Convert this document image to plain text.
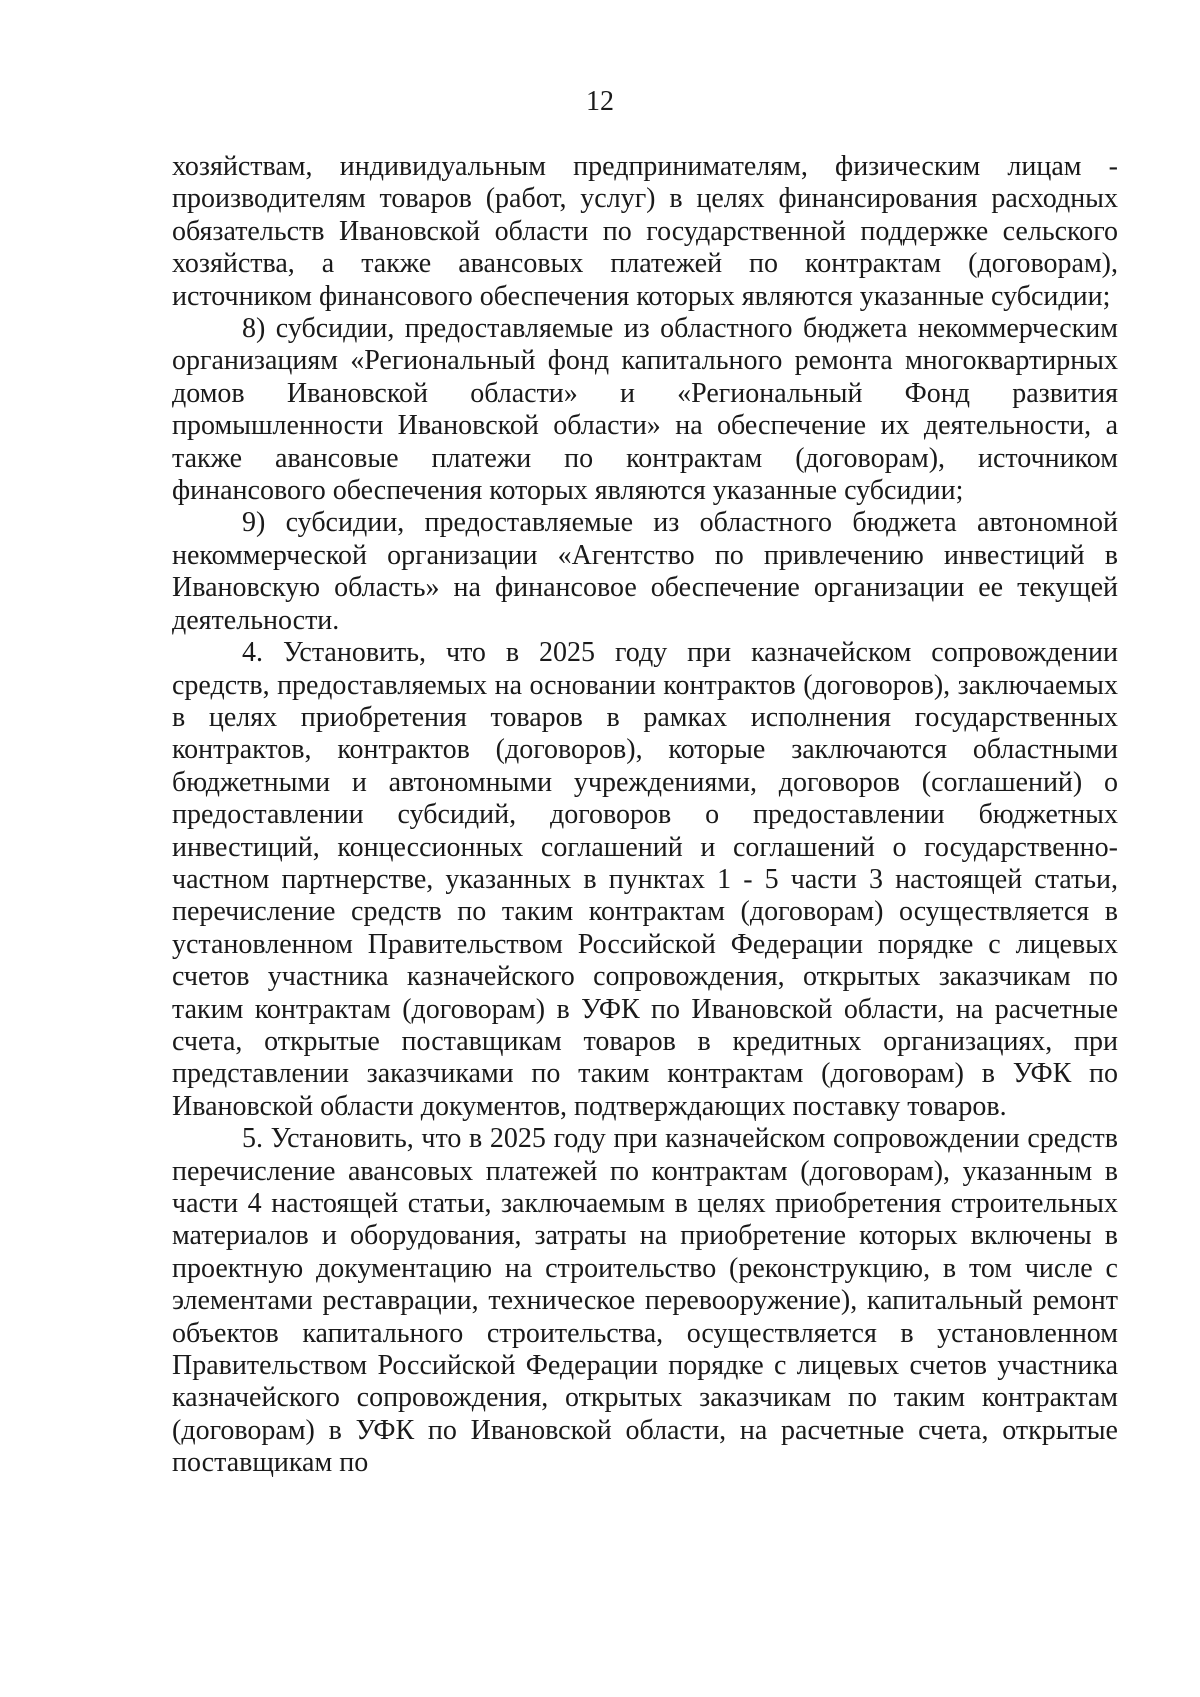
12

хозяйствам, индивидуальным предпринимателям, физическим лицам - производителям товаров (работ, услуг) в целях финансирования расходных обязательств Ивановской области по государственной поддержке сельского хозяйства, а также авансовых платежей по контрактам (договорам), источником финансового обеспечения которых являются указанные субсидии;

8) субсидии, предоставляемые из областного бюджета некоммерческим организациям «Региональный фонд капитального ремонта многоквартирных домов Ивановской области» и «Региональный Фонд развития промышленности Ивановской области» на обеспечение их деятельности, а также авансовые платежи по контрактам (договорам), источником финансового обеспечения которых являются указанные субсидии;

9) субсидии, предоставляемые из областного бюджета автономной некоммерческой организации «Агентство по привлечению инвестиций в Ивановскую область» на финансовое обеспечение организации ее текущей деятельности.

4. Установить, что в 2025 году при казначейском сопровождении средств, предоставляемых на основании контрактов (договоров), заключаемых в целях приобретения товаров в рамках исполнения государственных контрактов, контрактов (договоров), которые заключаются областными бюджетными и автономными учреждениями, договоров (соглашений) о предоставлении субсидий, договоров о предоставлении бюджетных инвестиций, концессионных соглашений и соглашений о государственно-частном партнерстве, указанных в пунктах 1 - 5 части 3 настоящей статьи, перечисление средств по таким контрактам (договорам) осуществляется в установленном Правительством Российской Федерации порядке с лицевых счетов участника казначейского сопровождения, открытых заказчикам по таким контрактам (договорам) в УФК по Ивановской области, на расчетные счета, открытые поставщикам товаров в кредитных организациях, при представлении заказчиками по таким контрактам (договорам) в УФК по Ивановской области документов, подтверждающих поставку товаров.

5. Установить, что в 2025 году при казначейском сопровождении средств перечисление авансовых платежей по контрактам (договорам), указанным в части 4 настоящей статьи, заключаемым в целях приобретения строительных материалов и оборудования, затраты на приобретение которых включены в проектную документацию на строительство (реконструкцию, в том числе с элементами реставрации, техническое перевооружение), капитальный ремонт объектов капитального строительства, осуществляется в установленном Правительством Российской Федерации порядке с лицевых счетов участника казначейского сопровождения, открытых заказчикам по таким контрактам (договорам) в УФК по Ивановской области, на расчетные счета, открытые поставщикам по
